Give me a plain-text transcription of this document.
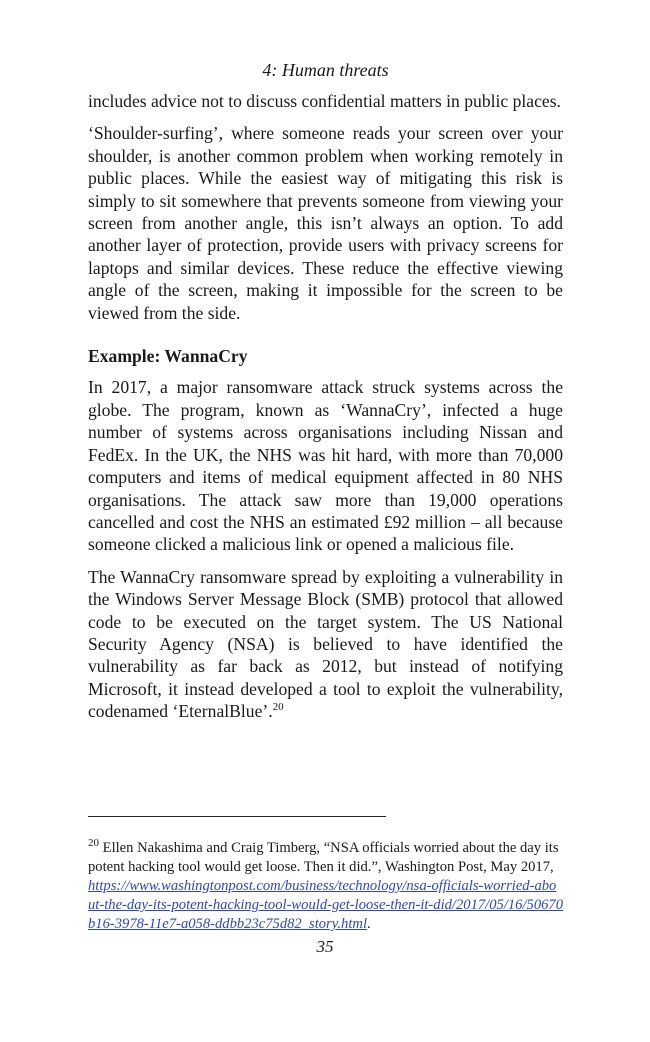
4: Human threats

includes advice not to discuss confidential matters in public places.

‘Shoulder-surfing’, where someone reads your screen over your shoulder, is another common problem when working remotely in public places. While the easiest way of mitigating this risk is simply to sit somewhere that prevents someone from viewing your screen from another angle, this isn’t always an option. To add another layer of protection, provide users with privacy screens for laptops and similar devices. These reduce the effective viewing angle of the screen, making it impossible for the screen to be viewed from the side.

Example: WannaCry

In 2017, a major ransomware attack struck systems across the globe. The program, known as ‘WannaCry’, infected a huge number of systems across organisations including Nissan and FedEx. In the UK, the NHS was hit hard, with more than 70,000 computers and items of medical equipment affected in 80 NHS organisations. The attack saw more than 19,000 operations cancelled and cost the NHS an estimated £92 million – all because someone clicked a malicious link or opened a malicious file.

The WannaCry ransomware spread by exploiting a vulnerability in the Windows Server Message Block (SMB) protocol that allowed code to be executed on the target system. The US National Security Agency (NSA) is believed to have identified the vulnerability as far back as 2012, but instead of notifying Microsoft, it instead developed a tool to exploit the vulnerability, codenamed ‘EternalBlue’.$^{20}$

$^{20}$ Ellen Nakashima and Craig Timberg, “NSA officials worried about the day its potent hacking tool would get loose. Then it did.”, Washington Post, May 2017, https://www.washingtonpost.com/business/technology/nsa-officials-worried-about-the-day-its-potent-hacking-tool-would-get-loose-then-it-did/2017/05/16/50670b16-3978-11e7-a058-ddbb23c75d82_story.html.
35
